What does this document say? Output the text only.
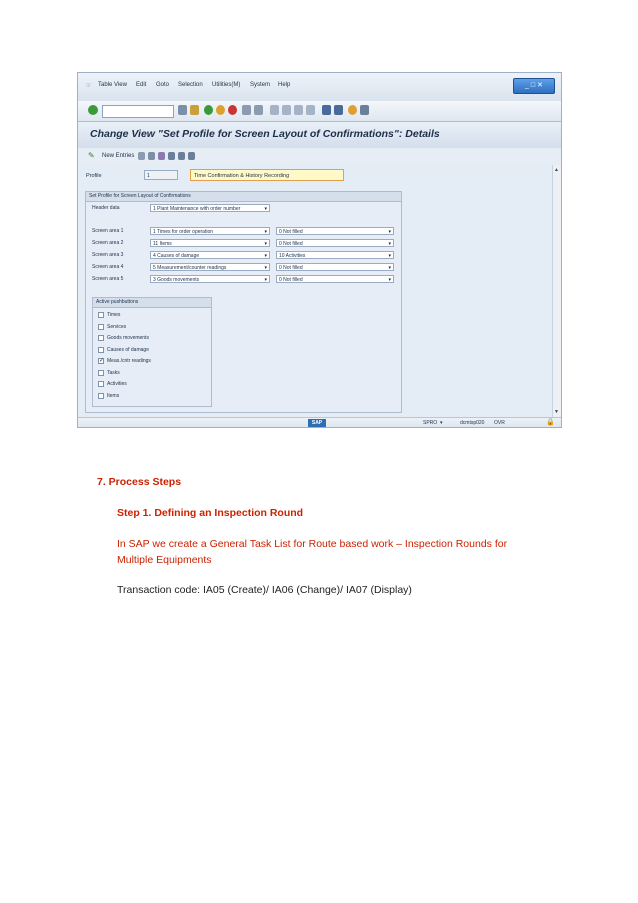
☞ Table View Edit Goto Selection Utilities(M) System Help	_ □ ✕
Change View "Set Profile for Screen Layout of Confirmations": Details
✎ New Entries
Profile	1	Time Confirmation & History Recording
Set Profile for Screen Layout of Confirmations
Header data	1 Plant Maintenance with order number ▾
Screen area 1	1 Times for order operation ▾	0 Not filled ▾
Screen area 2	11 Items ▾	0 Not filled ▾
Screen area 3	4 Causes of damage ▾	10 Activities ▾
Screen area 4	5 Measurement/counter readings ▾	0 Not filled ▾
Screen area 5	3 Goods movements ▾	0 Not filled ▾
Active pushbuttons
Times
Services
Goods movements
Causes of damage
✓ Meas./cntr readings
Tasks
Activities
Items
▲
▼
SAP	SPRO ▾	dcmtsp020 OVR	🔒
7. Process Steps
Step 1. Defining an Inspection Round
In SAP we create a General Task List for Route based work – Inspection Rounds for
Multiple Equipments
Transaction code: IA05 (Create)/ IA06 (Change)/ IA07 (Display)
